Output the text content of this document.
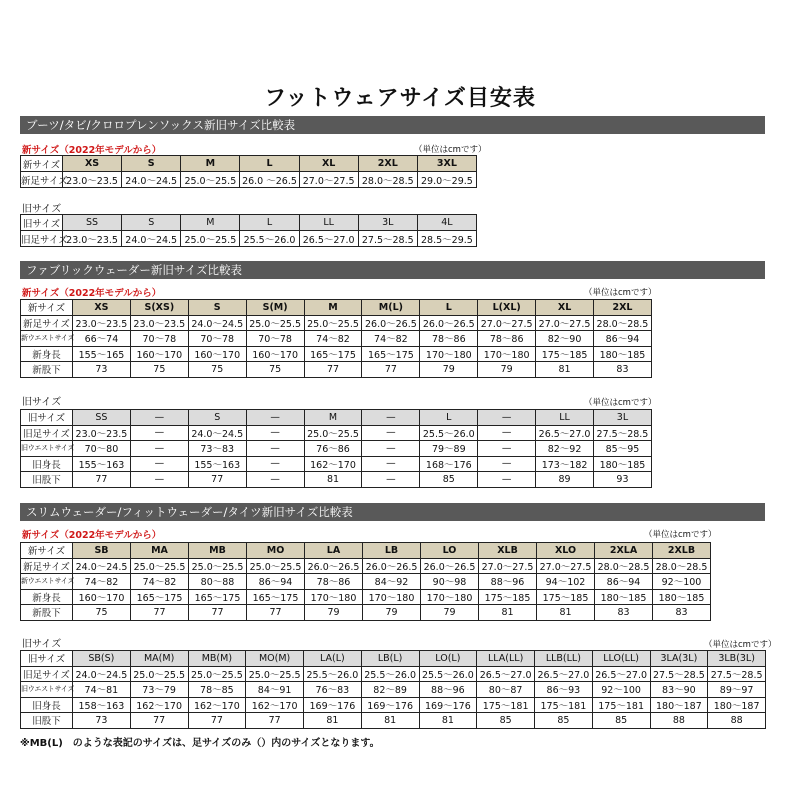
フットウェアサイズ目安表
ブーツ/タビ/クロロプレンソックス新旧サイズ比較表
新サイズ（2022年モデルから）	（単位はcmです）
新サイズ	XS	S	M	L	XL	2XL	3XL
新足サイズ	23.0～23.5	24.0～24.5	25.0～25.5	26.0 ～26.5	27.0～27.5	28.0～28.5	29.0～29.5
旧サイズ
旧サイズ	SS	S	M	L	LL	3L	4L
旧足サイズ	23.0～23.5	24.0～24.5	25.0～25.5	25.5～26.0	26.5～27.0	27.5～28.5	28.5～29.5
ファブリックウェーダー新旧サイズ比較表
新サイズ（2022年モデルから）	（単位はcmです）
新サイズ	XS	S(XS)	S	S(M)	M	M(L)	L	L(XL)	XL	2XL
新足サイズ	23.0～23.5	23.0～23.5	24.0～24.5	25.0～25.5	25.0～25.5	26.0～26.5	26.0～26.5	27.0～27.5	27.0～27.5	28.0～28.5
新ウエストサイズ	66～74	70～78	70～78	70～78	74～82	74～82	78～86	78～86	82～90	86～94
新身長	155～165	160～170	160～170	160～170	165～175	165～175	170～180	170～180	175～185	180～185
新股下	73	75	75	75	77	77	79	79	81	83
旧サイズ	（単位はcmです）
旧サイズ	SS	—	S	—	M	—	L	—	LL	3L
旧足サイズ	23.0～23.5	—	24.0～24.5	—	25.0～25.5	—	25.5～26.0	—	26.5～27.0	27.5～28.5
旧ウエストサイズ	70～80	—	73～83	—	76～86	—	79～89	—	82～92	85～95
旧身長	155～163	—	155～163	—	162～170	—	168～176	—	173～182	180～185
旧股下	77	—	77	—	81	—	85	—	89	93
スリムウェーダー/フィットウェーダー/タイツ新旧サイズ比較表
新サイズ（2022年モデルから）	（単位はcmです）
新サイズ	SB	MA	MB	MO	LA	LB	LO	XLB	XLO	2XLA	2XLB
新足サイズ	24.0～24.5	25.0～25.5	25.0～25.5	25.0～25.5	26.0～26.5	26.0～26.5	26.0～26.5	27.0～27.5	27.0～27.5	28.0～28.5	28.0～28.5
新ウエストサイズ	74～82	74～82	80～88	86～94	78～86	84～92	90～98	88～96	94～102	86～94	92～100
新身長	160～170	165～175	165～175	165～175	170～180	170～180	170～180	175～185	175～185	180～185	180～185
新股下	75	77	77	77	79	79	79	81	81	83	83
旧サイズ	（単位はcmです）
旧サイズ	SB(S)	MA(M)	MB(M)	MO(M)	LA(L)	LB(L)	LO(L)	LLA(LL)	LLB(LL)	LLO(LL)	3LA(3L)	3LB(3L)
旧足サイズ	24.0～24.5	25.0～25.5	25.0～25.5	25.0～25.5	25.5～26.0	25.5～26.0	25.5～26.0	26.5～27.0	26.5～27.0	26.5～27.0	27.5～28.5	27.5～28.5
旧ウエストサイズ	74～81	73～79	78～85	84～91	76～83	82～89	88～96	80～87	86～93	92～100	83～90	89～97
旧身長	158～163	162～170	162～170	162～170	169～176	169～176	169～176	175～181	175～181	175～181	180～187	180～187
旧股下	73	77	77	77	81	81	81	85	85	85	88	88
※MB(L)　のような表記のサイズは、足サイズのみ（）内のサイズとなります。
